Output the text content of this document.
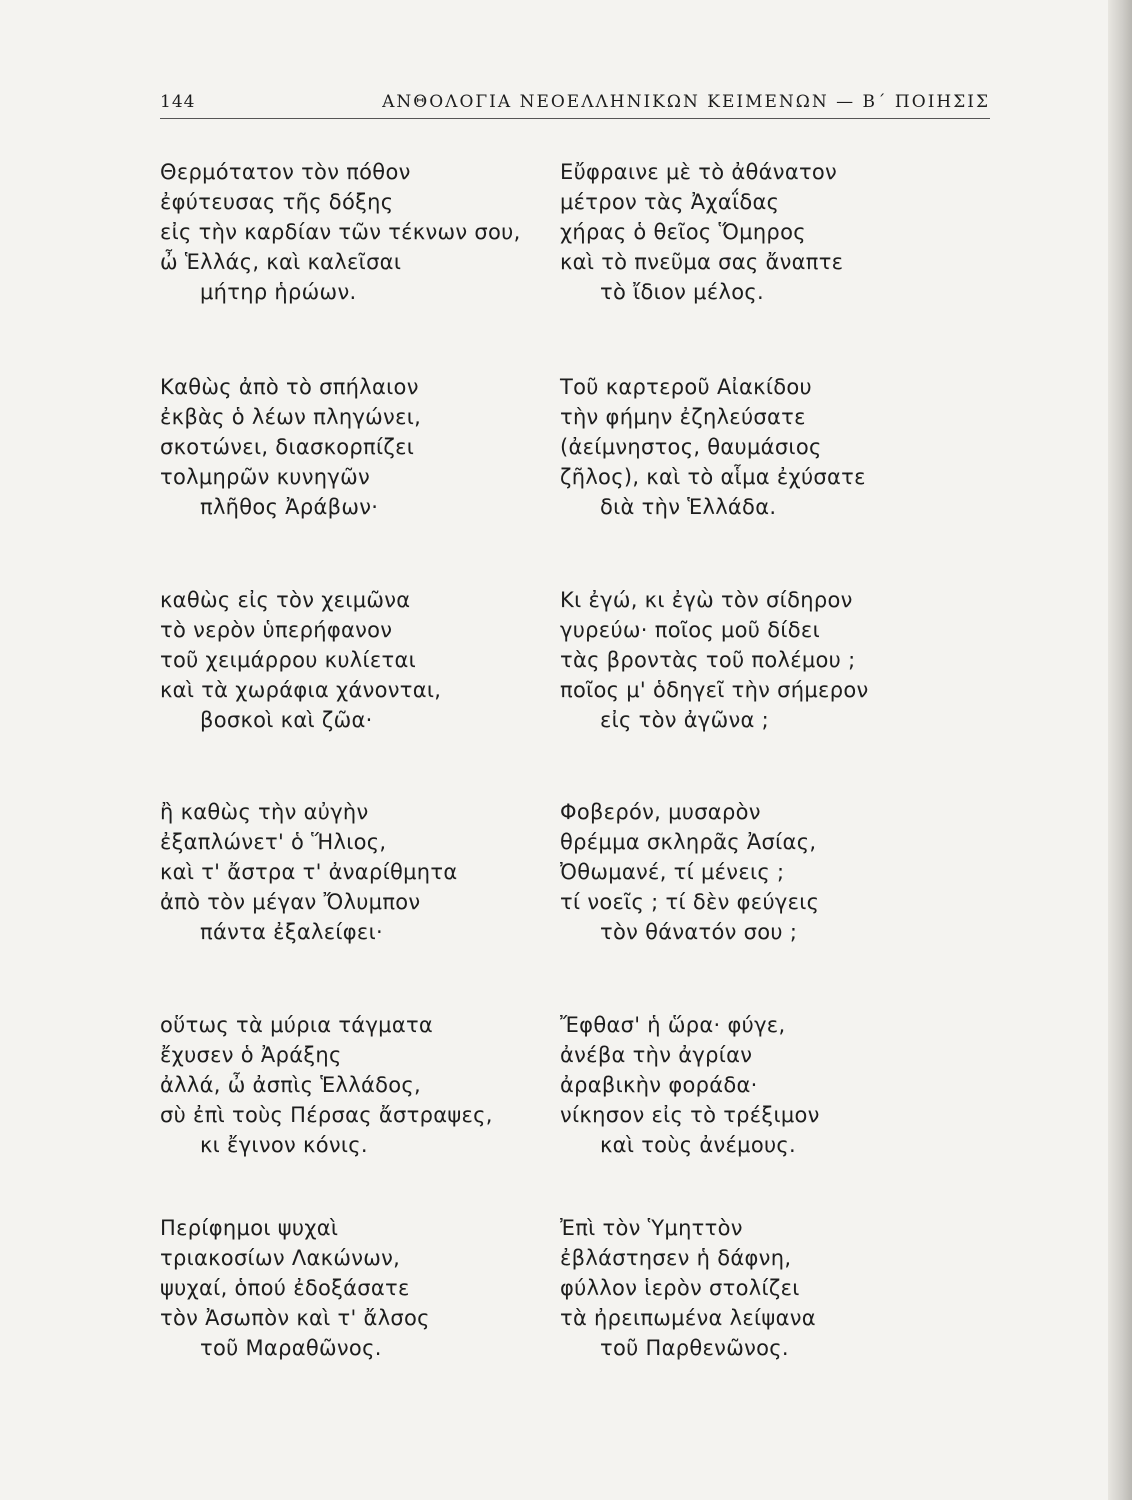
144	ΑΝΘΟΛΟΓΙΑ ΝΕΟΕΛΛΗΝΙΚΩΝ ΚΕΙΜΕΝΩΝ — Β΄ ΠΟΙΗΣΙΣ
Θερμότατον τὸν πόθον
ἐφύτευσας τῆς δόξης
εἰς τὴν καρδίαν τῶν τέκνων σου,
ὦ Ἑλλάς, καὶ καλεῖσαι
μήτηρ ἡρώων.
Εὔφραινε μὲ τὸ ἀθάνατον
μέτρον τὰς Ἀχαΐδας
χήρας ὁ θεῖος Ὅμηρος
καὶ τὸ πνεῦμα σας ἄναπτε
τὸ ἴδιον μέλος.
Καθὼς ἀπὸ τὸ σπήλαιον
ἐκβὰς ὁ λέων πληγώνει,
σκοτώνει, διασκορπίζει
τολμηρῶν κυνηγῶν
πλῆθος Ἀράβων·
Τοῦ καρτεροῦ Αἰακίδου
τὴν φήμην ἐζηλεύσατε
(ἀείμνηστος, θαυμάσιος
ζῆλος), καὶ τὸ αἷμα ἐχύσατε
διὰ τὴν Ἑλλάδα.
καθὼς εἰς τὸν χειμῶνα
τὸ νερὸν ὑπερήφανον
τοῦ χειμάρρου κυλίεται
καὶ τὰ χωράφια χάνονται,
βοσκοὶ καὶ ζῶα·
Κι ἐγώ, κι ἐγὼ τὸν σίδηρον
γυρεύω· ποῖος μοῦ δίδει
τὰς βροντὰς τοῦ πολέμου ;
ποῖος μ' ὁδηγεῖ τὴν σήμερον
εἰς τὸν ἀγῶνα ;
ἢ καθὼς τὴν αὐγὴν
ἐξαπλώνετ' ὁ Ἥλιος,
καὶ τ' ἄστρα τ' ἀναρίθμητα
ἀπὸ τὸν μέγαν Ὄλυμπον
πάντα ἐξαλείφει·
Φοβερόν, μυσαρὸν
θρέμμα σκληρᾶς Ἀσίας,
Ὀθωμανέ, τί μένεις ;
τί νοεῖς ; τί δὲν φεύγεις
τὸν θάνατόν σου ;
οὕτως τὰ μύρια τάγματα
ἔχυσεν ὁ Ἀράξης
ἀλλά, ὦ ἀσπὶς Ἑλλάδος,
σὺ ἐπὶ τοὺς Πέρσας ἄστραψες,
κι ἔγινον κόνις.
Ἔφθασ' ἡ ὥρα· φύγε,
ἀνέβα τὴν ἀγρίαν
ἀραβικὴν φοράδα·
νίκησον εἰς τὸ τρέξιμον
καὶ τοὺς ἀνέμους.
Περίφημοι ψυχαὶ
τριακοσίων Λακώνων,
ψυχαί, ὁπού ἐδοξάσατε
τὸν Ἀσωπὸν καὶ τ' ἄλσος
τοῦ Μαραθῶνος.
Ἐπὶ τὸν Ὑμηττὸν
ἐβλάστησεν ἡ δάφνη,
φύλλον ἱερὸν στολίζει
τὰ ἠρειπωμένα λείψανα
τοῦ Παρθενῶνος.
